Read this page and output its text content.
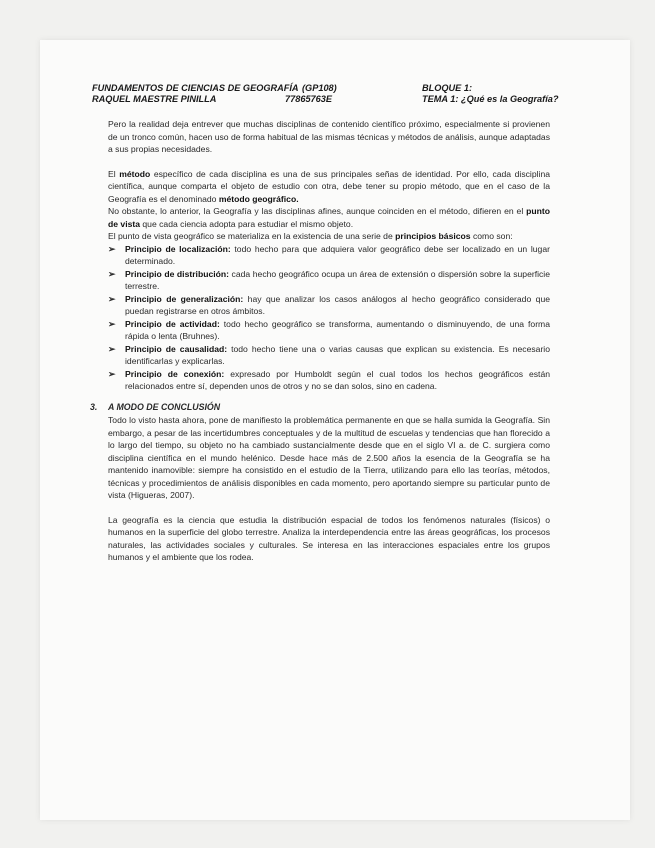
FUNDAMENTOS DE CIENCIAS DE GEOGRAFÍA (GP108)	BLOQUE 1:
RAQUEL MAESTRE PINILLA	77865763E	TEMA 1: ¿Qué es la Geografía?

Pero la realidad deja entrever que muchas disciplinas de contenido científico próximo, especialmente si provienen de un tronco común, hacen uso de forma habitual de las mismas técnicas y métodos de análisis, aunque adaptadas a sus propias necesidades.

El método específico de cada disciplina es una de sus principales señas de identidad. Por ello, cada disciplina científica, aunque comparta el objeto de estudio con otra, debe tener su propio método, que en el caso de la Geografía es el denominado método geográfico.

No obstante, lo anterior, la Geografía y las disciplinas afines, aunque coinciden en el método, difieren en el punto de vista que cada ciencia adopta para estudiar el mismo objeto.

El punto de vista geográfico se materializa en la existencia de una serie de principios básicos como son:

➢ Principio de localización: todo hecho para que adquiera valor geográfico debe ser localizado en un lugar determinado.
➢ Principio de distribución: cada hecho geográfico ocupa un área de extensión o dispersión sobre la superficie terrestre.
➢ Principio de generalización: hay que analizar los casos análogos al hecho geográfico considerado que puedan registrarse en otros ámbitos.
➢ Principio de actividad: todo hecho geográfico se transforma, aumentando o disminuyendo, de una forma rápida o lenta (Bruhnes).
➢ Principio de causalidad: todo hecho tiene una o varias causas que explican su existencia. Es necesario identificarlas y explicarlas.
➢ Principio de conexión: expresado por Humboldt según el cual todos los hechos geográficos están relacionados entre sí, dependen unos de otros y no se dan solos, sino en cadena.
3. A MODO DE CONCLUSIÓN

Todo lo visto hasta ahora, pone de manifiesto la problemática permanente en que se halla sumida la Geografía. Sin embargo, a pesar de las incertidumbres conceptuales y de la multitud de escuelas y tendencias que han florecido a lo largo del tiempo, su objeto no ha cambiado sustancialmente desde que en el siglo VI a. de C. surgiera como disciplina científica en el mundo helénico. Desde hace más de 2.500 años la esencia de la Geografía se ha mantenido inamovible: siempre ha consistido en el estudio de la Tierra, utilizando para ello las teorías, métodos, técnicas y procedimientos de análisis disponibles en cada momento, pero aportando siempre su particular punto de vista (Higueras, 2007).

La geografía es la ciencia que estudia la distribución espacial de todos los fenómenos naturales (físicos) o humanos en la superficie del globo terrestre. Analiza la interdependencia entre las áreas geográficas, los procesos naturales, las actividades sociales y culturales. Se interesa en las interacciones espaciales entre los grupos humanos y el ambiente que los rodea.
